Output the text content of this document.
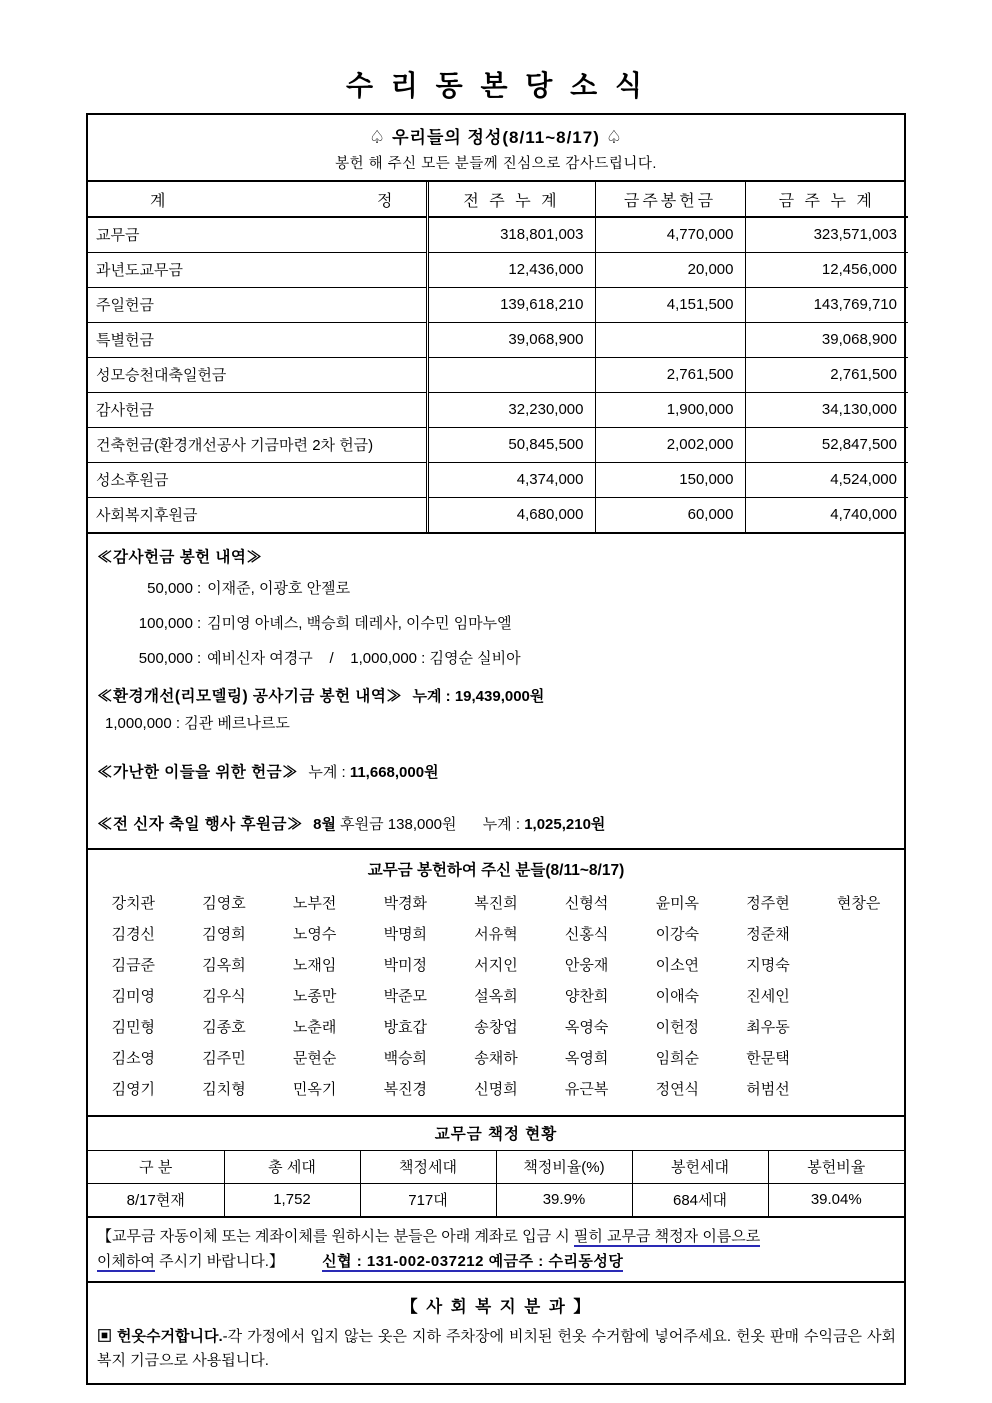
수 리 동 본 당 소 식
♤ 우리들의 정성(8/11~8/17) ♤
봉헌 해 주신 모든 분들께 진심으로 감사드립니다.
계 정	전 주 누 계	금주봉헌금	금 주 누 계
교무금	318,801,003	4,770,000	323,571,003
과년도교무금	12,436,000	20,000	12,456,000
주일헌금	139,618,210	4,151,500	143,769,710
특별헌금	39,068,900		39,068,900
성모승천대축일헌금		2,761,500	2,761,500
감사헌금	32,230,000	1,900,000	34,130,000
건축헌금(환경개선공사 기금마련 2차 헌금)	50,845,500	2,002,000	52,847,500
성소후원금	4,374,000	150,000	4,524,000
사회복지후원금	4,680,000	60,000	4,740,000
≪감사헌금 봉헌 내역≫
50,000 : 이재준, 이광호 안젤로
100,000 : 김미영 아녜스, 백승희 데레사, 이수민 임마누엘
500,000 : 예비신자 여경구    /    1,000,000 : 김영순 실비아
≪환경개선(리모델링) 공사기금 봉헌 내역≫ 누계 : 19,439,000원
1,000,000 : 김관 베르나르도
≪가난한 이들을 위한 헌금≫ 누계 : 11,668,000원
≪전 신자 축일 행사 후원금≫ 8월 후원금 138,000원 누계 : 1,025,210원
교무금 봉헌하여 주신 분들(8/11~8/17)
강치관	김영호	노부전	박경화	복진희	신형석	윤미옥	정주현	현창은
김경신	김영희	노영수	박명희	서유혁	신홍식	이강숙	정준채
김금준	김옥희	노재임	박미정	서지인	안웅재	이소연	지명숙
김미영	김우식	노종만	박준모	설옥희	양찬희	이애숙	진세인
김민형	김종호	노춘래	방효갑	송창업	옥영숙	이헌정	최우동
김소영	김주민	문현순	백승희	송채하	옥영희	임희순	한문택
김영기	김치형	민옥기	복진경	신명희	유근복	정연식	허범선
교무금 책정 현황					
구 분	총 세대	책정세대	책정비율(%)	봉헌세대	봉헌비율
8/17현재	1,752	717대	39.9%	684세대	39.04%
【교무금 자동이체 또는 계좌이체를 원하시는 분들은 아래 계좌로 입금 시 필히 교무금 책정자 이름으로
이체하여 주시기 바랍니다.】	신협 : 131-002-037212 예금주 : 수리동성당
【 사 회 복 지 분 과 】
▣ 헌옷수거합니다.-각 가정에서 입지 않는 옷은 지하 주차장에 비치된 헌옷 수거함에 넣어주세요. 헌옷 판매 수익금은 사회복지 기금으로 사용됩니다.
